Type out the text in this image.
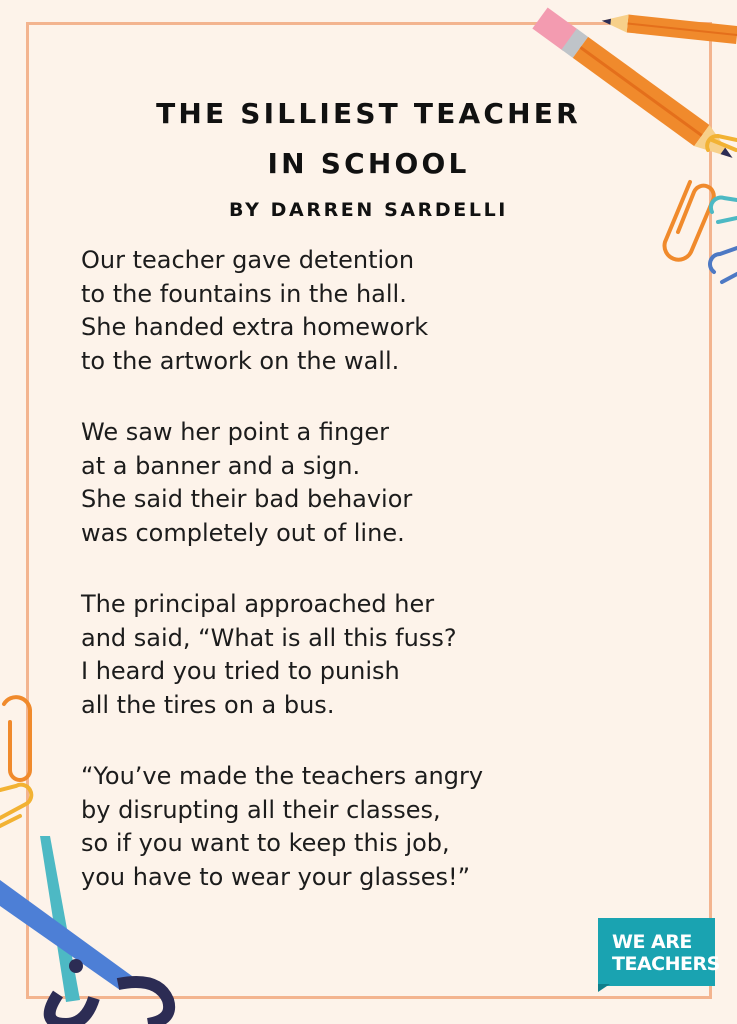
THE SILLIEST TEACHER
IN SCHOOL
BY DARREN SARDELLI
Our teacher gave detention
to the fountains in the hall.
She handed extra homework
to the artwork on the wall.
We saw her point a finger
at a banner and a sign.
She said their bad behavior
was completely out of line.
The principal approached her
and said, “What is all this fuss?
I heard you tried to punish
all the tires on a bus.
“You’ve made the teachers angry
by disrupting all their classes,
so if you want to keep this job,
you have to wear your glasses!”
WE ARE
TEACHERS
